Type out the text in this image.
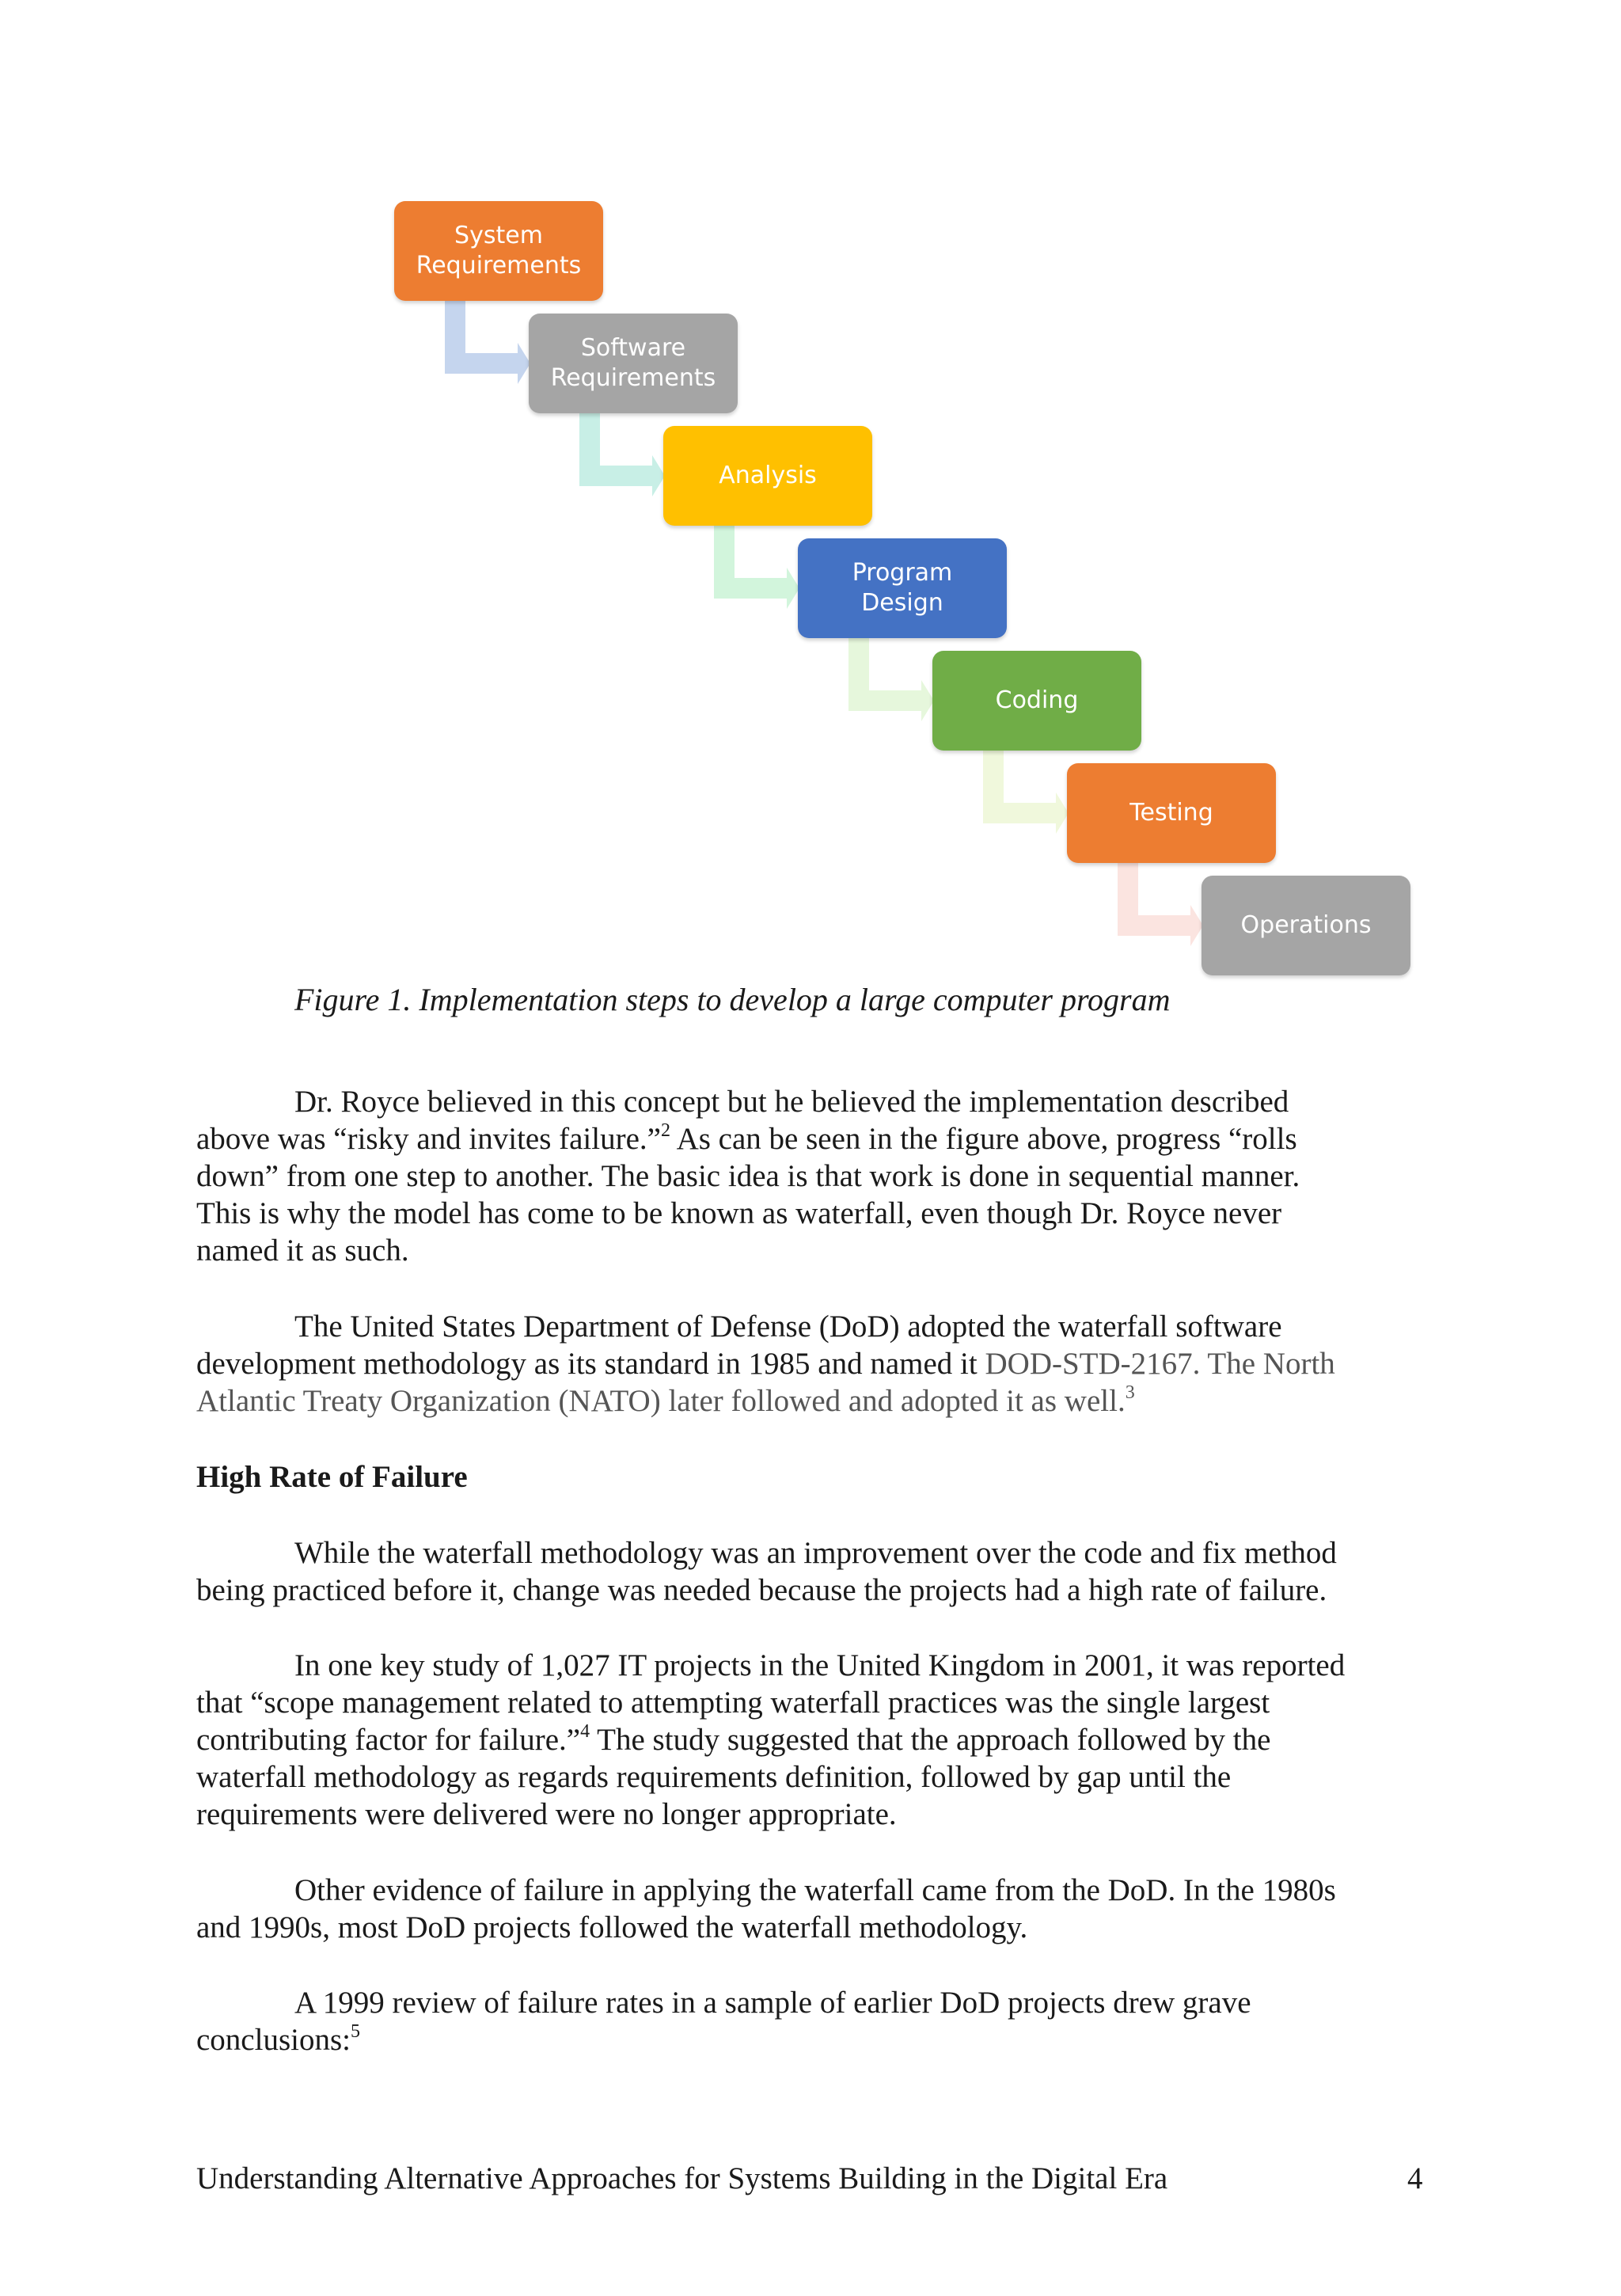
System
Requirements
Software
Requirements
Analysis
Program
Design
Coding
Testing
Operations
Figure 1. Implementation steps to develop a large computer program
Dr. Royce believed in this concept but he believed the implementation described
above was “risky and invites failure.”$^2$ As can be seen in the figure above, progress “rolls
down” from one step to another. The basic idea is that work is done in sequential manner.
This is why the model has come to be known as waterfall, even though Dr. Royce never
named it as such.
The United States Department of Defense (DoD) adopted the waterfall software
development methodology as its standard in 1985 and named it DOD-STD-2167. The North
Atlantic Treaty Organization (NATO) later followed and adopted it as well.$^3$
High Rate of Failure
While the waterfall methodology was an improvement over the code and fix method
being practiced before it, change was needed because the projects had a high rate of failure.
In one key study of 1,027 IT projects in the United Kingdom in 2001, it was reported
that “scope management related to attempting waterfall practices was the single largest
contributing factor for failure.”$^4$ The study suggested that the approach followed by the
waterfall methodology as regards requirements definition, followed by gap until the
requirements were delivered were no longer appropriate.
Other evidence of failure in applying the waterfall came from the DoD. In the 1980s
and 1990s, most DoD projects followed the waterfall methodology.
A 1999 review of failure rates in a sample of earlier DoD projects drew grave
conclusions:$^5$
Understanding Alternative Approaches for Systems Building in the Digital Era	4
